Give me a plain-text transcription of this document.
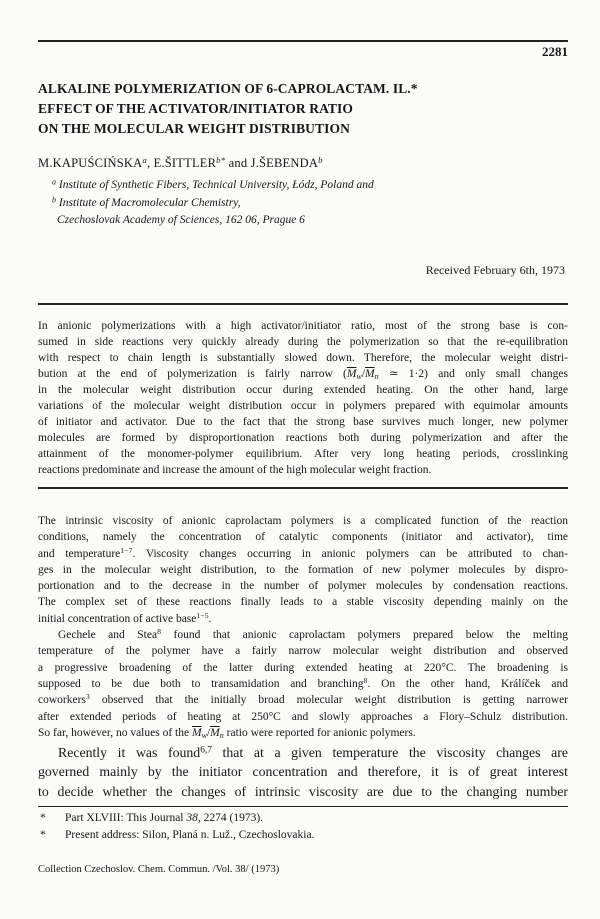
2281
ALKALINE POLYMERIZATION OF 6-CAPROLACTAM. IL.*
EFFECT OF THE ACTIVATOR/INITIATOR RATIO
ON THE MOLECULAR WEIGHT DISTRIBUTION
M.KAPUŚCIŃSKA$^a$, $E.ŠITTLER^{b*}$ and J.ŠEBENDA$^b$
$^a$ Institute of Synthetic Fibers, Technical University, Łódz, Poland and
$^b$ Institute of Macromolecular Chemistry,
Czechoslovak Academy of Sciences, 162 06, Prague 6
Received February 6th, 1973
In anionic polymerizations with a high activator/initiator ratio, most of the strong base is con-
sumed in side reactions very quickly already during the polymerization so that the re-equilibration
with respect to chain length is substantially slowed down. Therefore, the molecular weight distri-
bution at the end of polymerization is fairly narrow ($\overline{M}w/\overline{M}n$ ≃ 1·2) and only small changes
in the molecular weight distribution occur during extended heating. On the other hand, large
variations of the molecular weight distribution occur in polymers prepared with equimolar amounts
of initiator and activator. Due to the fact that the strong base survives much longer, new polymer
molecules are formed by disproportionation reactions both during polymerization and after the
attainment of the monomer-polymer equilibrium. After very long heating periods, crosslinking
reactions predominate and increase the amount of the high molecular weight fraction.
The intrinsic viscosity of anionic caprolactam polymers is a complicated function of the reaction
conditions, namely the concentration of catalytic components (initiator and activator), time
and temperature$^{1-7}$. Viscosity changes occurring in anionic polymers can be attributed to chan-
ges in the molecular weight distribution, to the formation of new polymer molecules by dispro-
portionation and to the decrease in the number of polymer molecules by condensation reactions.
The complex set of these reactions finally leads to a stable viscosity depending mainly on the
initial concentration of active base$^{1-5}$.
Gechele and Stea$^8$ found that anionic caprolactam polymers prepared below the melting
temperature of the polymer have a fairly narrow molecular weight distribution and observed
a progressive broadening of the latter during extended heating at 220°C. The broadening is
supposed to be due both to transamidation and branching$^8$. On the other hand, Králíček and
coworkers$^3$ observed that the initially broad molecular weight distribution is getting narrower
after extended periods of heating at 250°C and slowly approaches a Flory–Schulz distribution.
So far, however, no values of the $\overline{M}w/\overline{M}n$ ratio were reported for anionic polymers.
Recently it was found$^{6,7}$ that at a given temperature the viscosity changes are
governed mainly by the initiator concentration and therefore, it is of great interest
to decide whether the changes of intrinsic viscosity are due to the changing number
* Part XLVIII: This Journal 38, 2274 (1973).
* Present address: Silon, Planá n. Luž., Czechoslovakia.
Collection Czechoslov. Chem. Commun. /Vol. 38/ (1973)
